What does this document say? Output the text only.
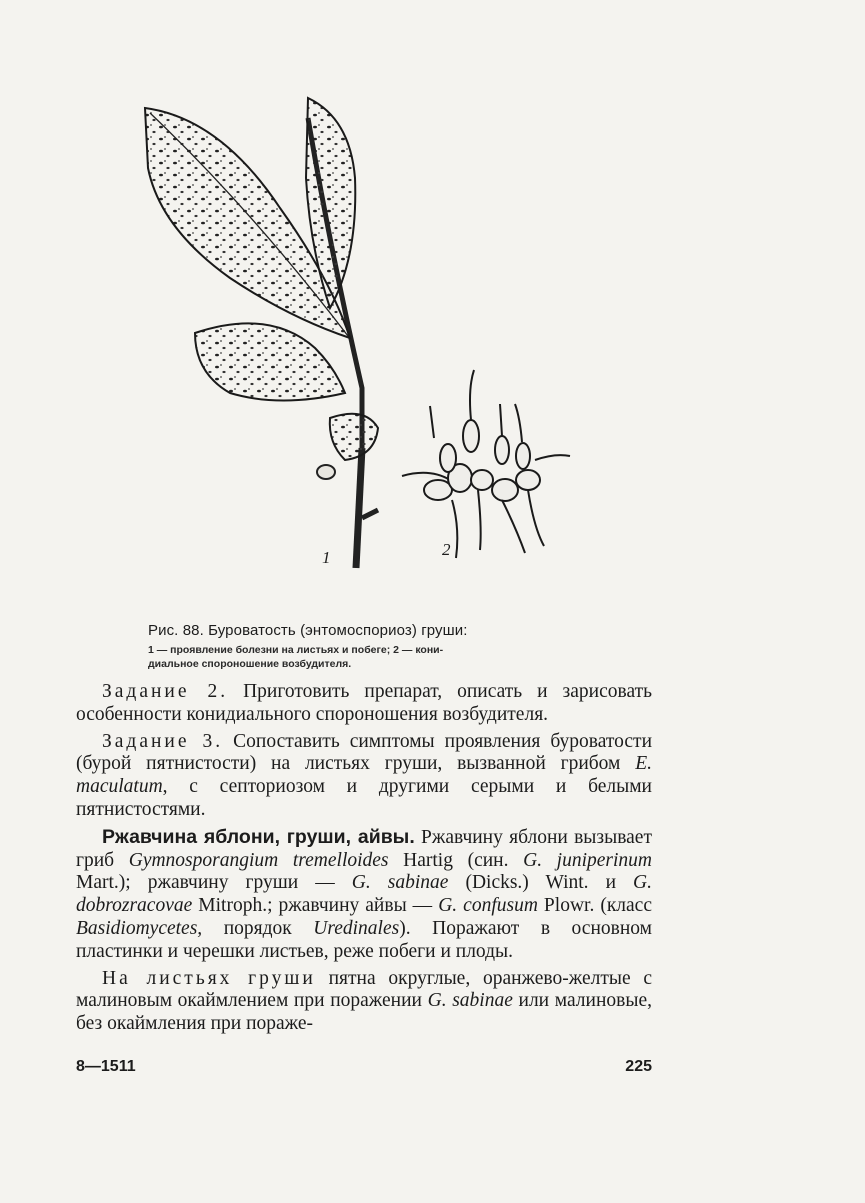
1	2
Рис. 88. Буроватость (энтомоспориоз) груши:
1 — проявление болезни на листьях и побеге; 2 — кони-
диальное спороношение возбудителя.

Задание 2. Приготовить препарат, описать и зарисовать особенности конидиального спороношения возбудителя.

Задание 3. Сопоставить симптомы проявления буроватости (бурой пятнистости) на листьях груши, вызванной грибом E. maculatum, с септориозом и другими серыми и белыми пятнистостями.

Ржавчина яблони, груши, айвы. Ржавчину яблони вызывает гриб Gymnosporangium tremelloides Hartig (син. G. juniperinum Mart.); ржавчину груши — G. sabinae (Dicks.) Wint. и G. dobrozracovae Mitroph.; ржавчину айвы — G. confusum Plowr. (класс Basidiomycetes, порядок Uredinales). Поражают в основном пластинки и черешки листьев, реже побеги и плоды.

На листьях груши пятна округлые, оранжево-желтые с малиновым окаймлением при поражении G. sabinae или малиновые, без окаймления при пораже-

8—1511	225
